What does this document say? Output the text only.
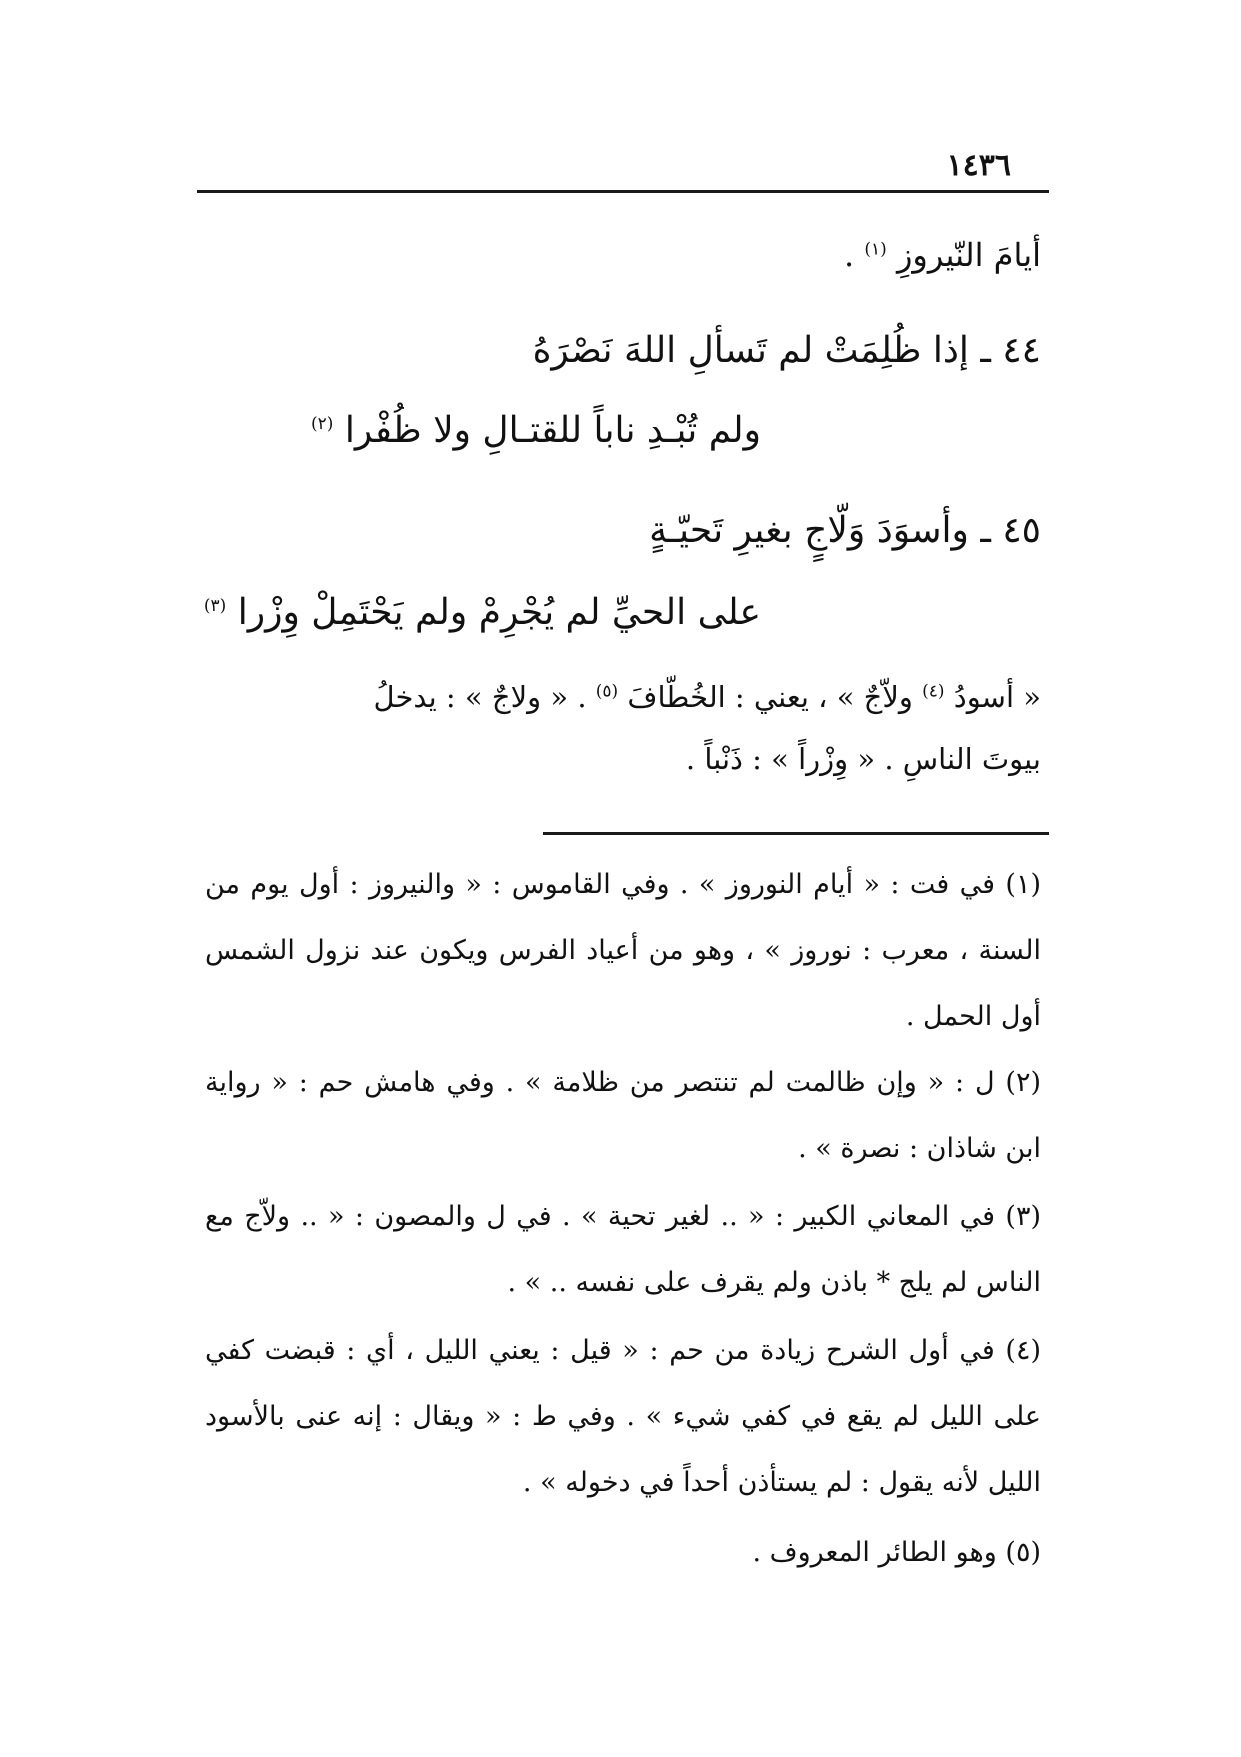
١٤٣٦
أيامَ النّيروزِ $^{(١)}$ .
٤٤ ـ إذا ظُلِمَتْ لم تَسألِ اللهَ نَصْرَهُ
ولم تُبْـدِ ناباً للقتـالِ ولا ظُفْرا $^{(٢)}$
٤٥ ـ وأسوَدَ وَلّاجٍ بغيرِ تَحيّـةٍ
على الحيِّ لم يُجْرِمْ ولم يَحْتَمِلْ وِزْرا $^{(٣)}$
« أسودُ $^{(٤)}$ ولاّجٌ » ، يعني : الخُطّافَ $^{(٥)}$ . « ولاجٌ » : يدخلُ
بيوتَ الناسِ . « وِزْراً » : ذَنْباً .
(١) في فت : « أيام النوروز » . وفي القاموس : « والنيروز : أول يوم من السنة ، معرب : نوروز » ، وهو من أعياد الفرس ويكون عند نزول الشمس أول الحمل .
(٢) ل : « وإن ظالمت لم تنتصر من ظلامة » . وفي هامش حم : « رواية ابن شاذان : نصرة » .
(٣) في المعاني الكبير : « .. لغير تحية » . في ل والمصون : « .. ولاّج مع الناس لم يلج * باذن ولم يقرف على نفسه .. » .
(٤) في أول الشرح زيادة من حم : « قيل : يعني الليل ، أي : قبضت كفي على الليل لم يقع في كفي شيء » . وفي ط : « ويقال : إنه عنى بالأسود الليل لأنه يقول : لم يستأذن أحداً في دخوله » .
(٥) وهو الطائر المعروف .
